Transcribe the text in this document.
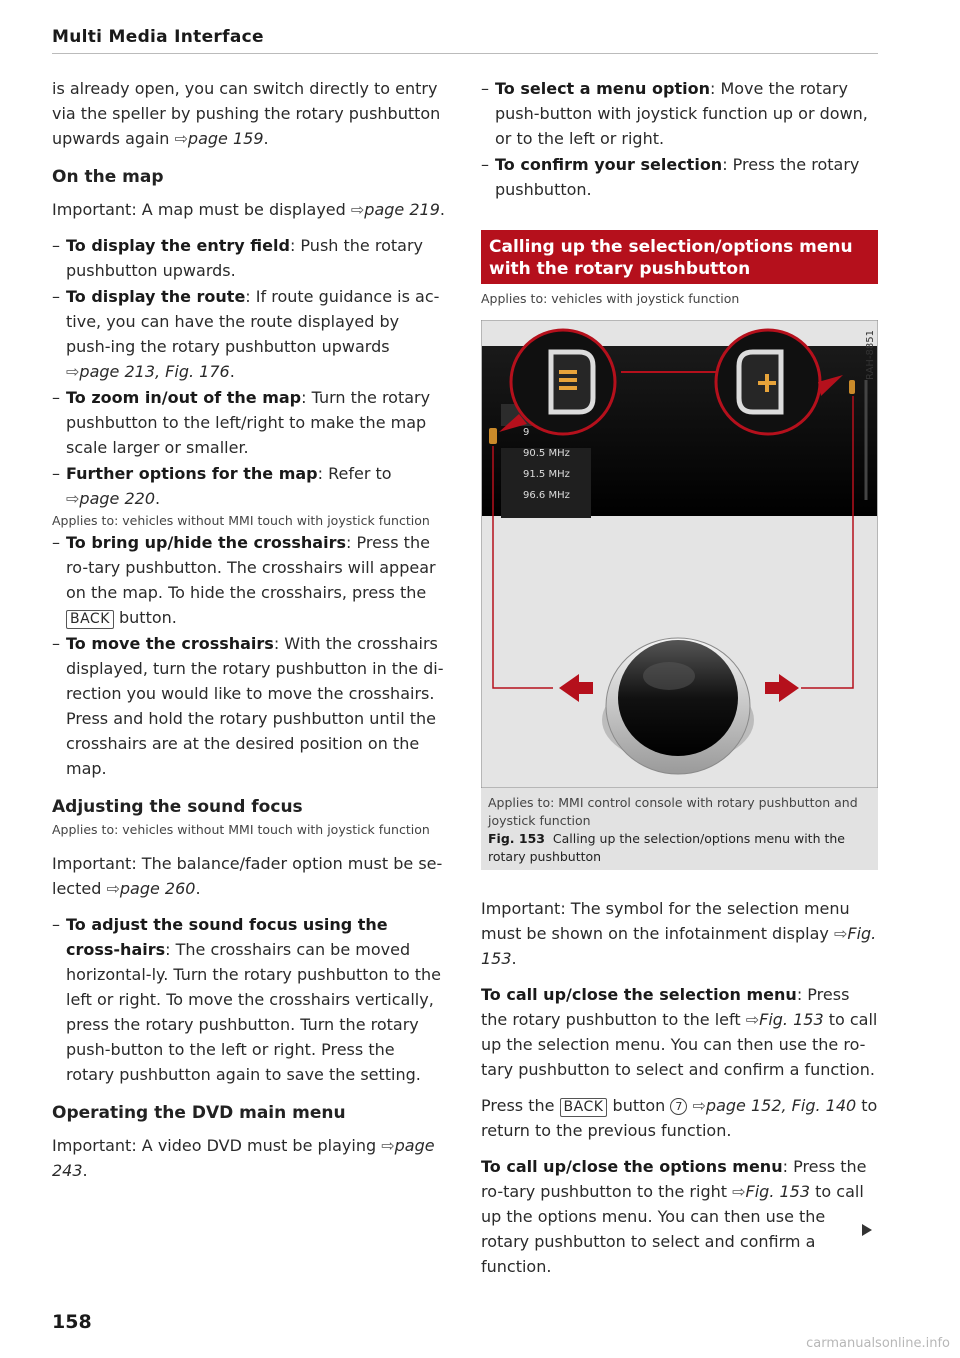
Multi Media Interface

is already open, you can switch directly to entry via the speller by pushing the rotary pushbutton upwards again ⇨page 159.

On the map

Important: A map must be displayed ⇨page 219.

– To display the entry field: Push the rotary pushbutton upwards.

– To display the route: If route guidance is ac-tive, you can have the route displayed by push-ing the rotary pushbutton upwards ⇨page 213, Fig. 176.

– To zoom in/out of the map: Turn the rotary pushbutton to the left/right to make the map scale larger or smaller.

– Further options for the map: Refer to ⇨page 220.

Applies to: vehicles without MMI touch with joystick function

– To bring up/hide the crosshairs: Press the ro-tary pushbutton. The crosshairs will appear on the map. To hide the crosshairs, press the BACK button.

– To move the crosshairs: With the crosshairs displayed, turn the rotary pushbutton in the di-rection you would like to move the crosshairs. Press and hold the rotary pushbutton until the crosshairs are at the desired position on the map.

Adjusting the sound focus

Applies to: vehicles without MMI touch with joystick function

Important: The balance/fader option must be se-lected ⇨page 260.

– To adjust the sound focus using the cross-hairs: The crosshairs can be moved horizontal-ly. Turn the rotary pushbutton to the left or right. To move the crosshairs vertically, press the rotary pushbutton. Turn the rotary push-button to the left or right. Press the rotary pushbutton again to save the setting.

Operating the DVD main menu

Important: A video DVD must be playing ⇨page 243.

– To select a menu option: Move the rotary push-button with joystick function up or down, or to the left or right.

– To confirm your selection: Press the rotary pushbutton.

Calling up the selection/options menu with the rotary pushbutton

Applies to: vehicles with joystick function

9
90.5 MHz
91.5 MHz
96.6 MHz
RAH-8851
Applies to: MMI control console with rotary pushbutton and joystick function
Fig. 153 Calling up the selection/options menu with the rotary pushbutton

Important: The symbol for the selection menu must be shown on the infotainment display ⇨Fig. 153.

To call up/close the selection menu: Press the rotary pushbutton to the left ⇨Fig. 153 to call up the selection menu. You can then use the ro-tary pushbutton to select and confirm a function.

Press the BACK button 7 ⇨page 152, Fig. 140 to return to the previous function.

To call up/close the options menu: Press the ro-tary pushbutton to the right ⇨Fig. 153 to call up the options menu. You can then use the rotary pushbutton to select and confirm a function.

158
carmanualsonline.info
